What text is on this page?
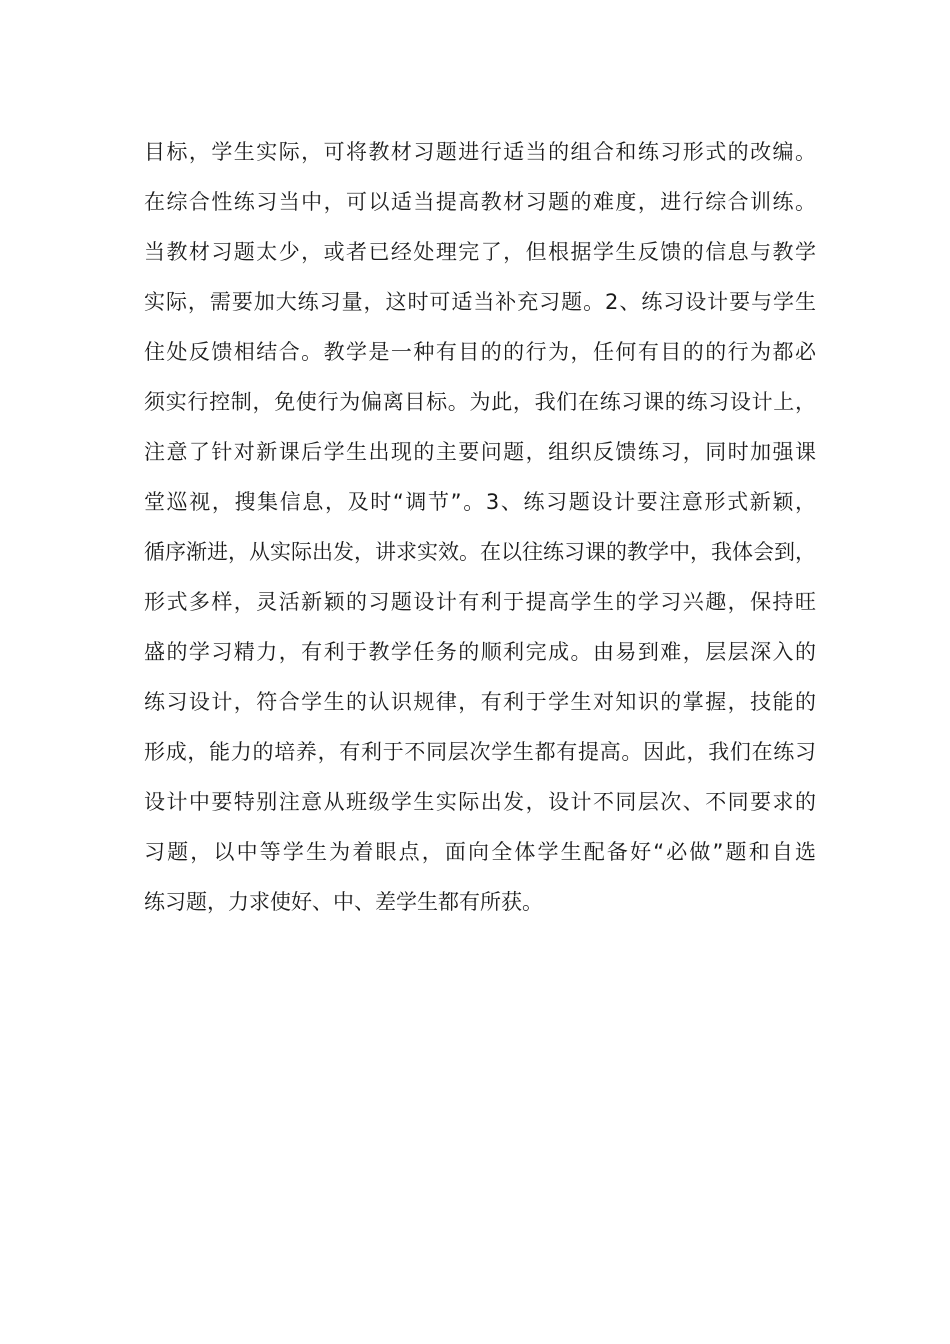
目标，学生实际，可将教材习题进行适当的组合和练习形式的改编。
在综合性练习当中，可以适当提高教材习题的难度，进行综合训练。
当教材习题太少，或者已经处理完了，但根据学生反馈的信息与教学
实际，需要加大练习量，这时可适当补充习题。2、练习设计要与学生
住处反馈相结合。教学是一种有目的的行为，任何有目的的行为都必
须实行控制，免使行为偏离目标。为此，我们在练习课的练习设计上，
注意了针对新课后学生出现的主要问题，组织反馈练习，同时加强课
堂巡视，搜集信息，及时“调节”。3、练习题设计要注意形式新颖，
循序渐进，从实际出发，讲求实效。在以往练习课的教学中，我体会到，
形式多样，灵活新颖的习题设计有利于提高学生的学习兴趣，保持旺
盛的学习精力，有利于教学任务的顺利完成。由易到难，层层深入的
练习设计，符合学生的认识规律，有利于学生对知识的掌握，技能的
形成，能力的培养，有利于不同层次学生都有提高。因此，我们在练习
设计中要特别注意从班级学生实际出发，设计不同层次、不同要求的
习题，以中等学生为着眼点，面向全体学生配备好“必做”题和自选
练习题，力求使好、中、差学生都有所获。
